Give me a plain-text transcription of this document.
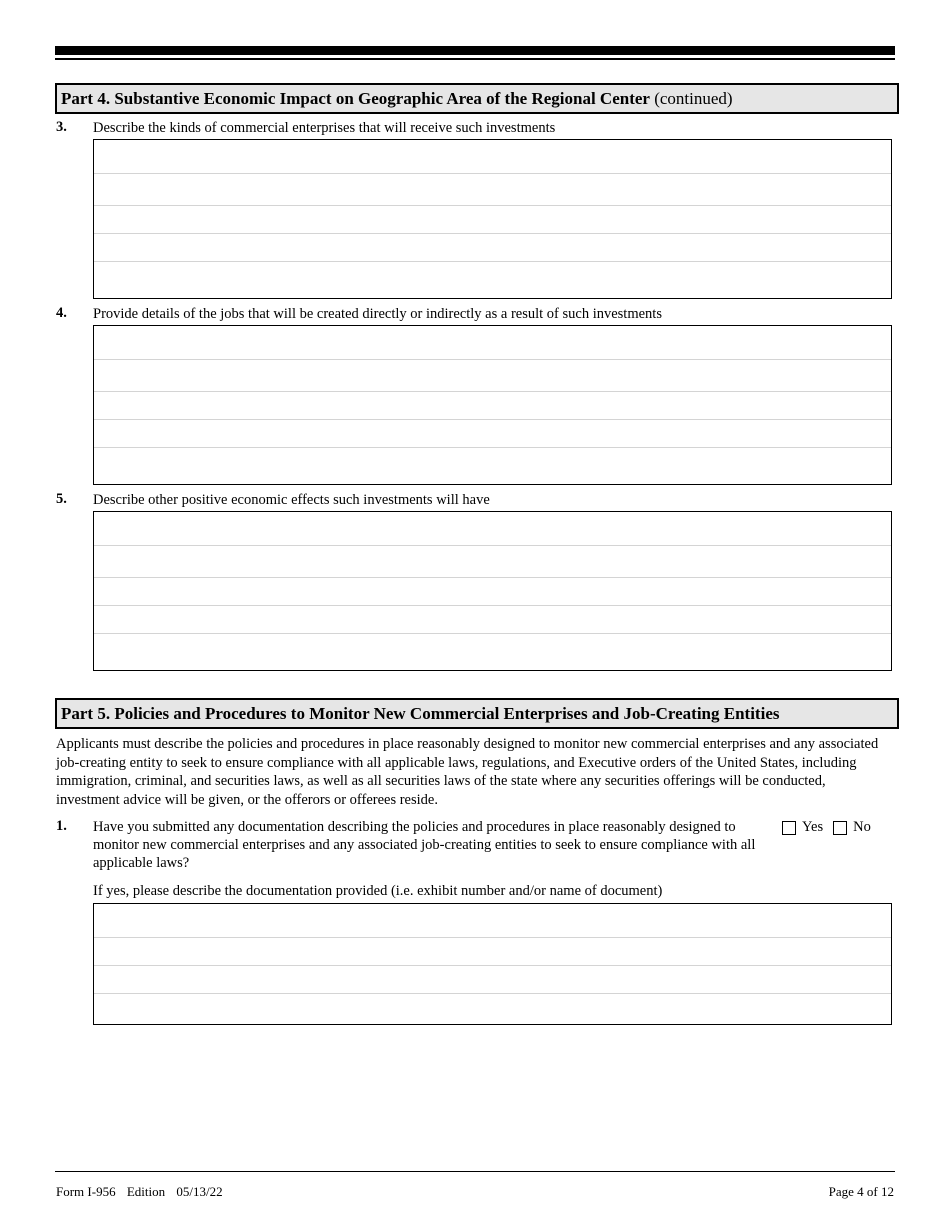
Part 4. Substantive Economic Impact on Geographic Area of the Regional Center (continued)
3. Describe the kinds of commercial enterprises that will receive such investments
4. Provide details of the jobs that will be created directly or indirectly as a result of such investments
5. Describe other positive economic effects such investments will have
Part 5. Policies and Procedures to Monitor New Commercial Enterprises and Job-Creating Entities
Applicants must describe the policies and procedures in place reasonably designed to monitor new commercial enterprises and any associated job-creating entity to seek to ensure compliance with all applicable laws, regulations, and Executive orders of the United States, including immigration, criminal, and securities laws, as well as all securities laws of the state where any securities offerings will be conducted, investment advice will be given, or the offerors or offerees reside.
1. Have you submitted any documentation describing the policies and procedures in place reasonably designed to monitor new commercial enterprises and any associated job-creating entities to seek to ensure compliance with all applicable laws?
Yes No
If yes, please describe the documentation provided (i.e. exhibit number and/or name of document)
Form I-956 Edition 05/13/22	Page 4 of 12
